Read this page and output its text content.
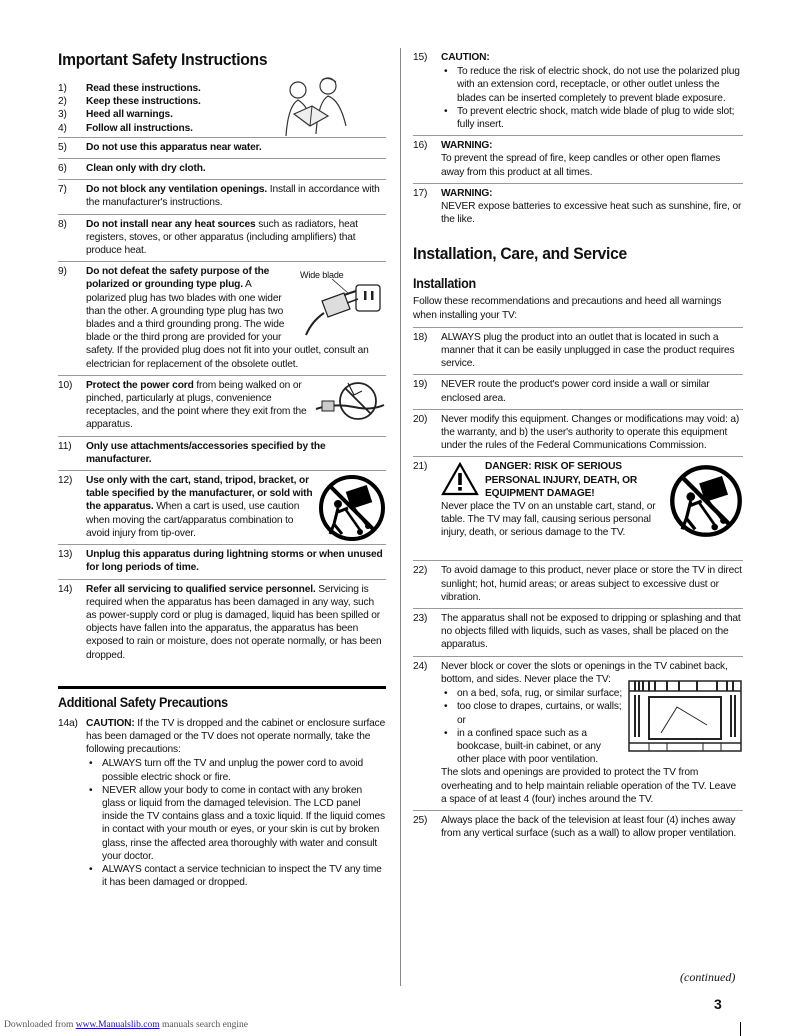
Important Safety Instructions
1) Read these instructions.
2) Keep these instructions.
3) Heed all warnings.
4) Follow all instructions.
5) Do not use this apparatus near water.
6) Clean only with dry cloth.
7) Do not block any ventilation openings. Install in accordance with the manufacturer's instructions.
8) Do not install near any heat sources such as radiators, heat registers, stoves, or other apparatus (including amplifiers) that produce heat.
9)	Wide blade
Do not defeat the safety purpose of the polarized or grounding type plug. A polarized plug has two blades with one wider than the other. A grounding type plug has two blades and a third grounding prong. The wide blade or the third prong are provided for your safety. If the provided plug does not fit into your outlet, consult an electrician for replacement of the obsolete outlet.
10) Protect the power cord from being walked on or pinched, particularly at plugs, convenience receptacles, and the point where they exit from the apparatus.
11) Only use attachments/accessories specified by the manufacturer.
12) Use only with the cart, stand, tripod, bracket, or table specified by the manufacturer, or sold with the apparatus. When a cart is used, use caution when moving the cart/apparatus combination to avoid injury from tip-over.
13) Unplug this apparatus during lightning storms or when unused for long periods of time.
14) Refer all servicing to qualified service personnel. Servicing is required when the apparatus has been damaged in any way, such as power-supply cord or plug is damaged, liquid has been spilled or objects have fallen into the apparatus, the apparatus has been exposed to rain or moisture, does not operate normally, or has been dropped.
Additional Safety Precautions
14a) CAUTION: If the TV is dropped and the cabinet or enclosure surface has been damaged or the TV does not operate normally, take the following precautions:
• ALWAYS turn off the TV and unplug the power cord to avoid possible electric shock or fire.
• NEVER allow your body to come in contact with any broken glass or liquid from the damaged television. The LCD panel inside the TV contains glass and a toxic liquid. If the liquid comes in contact with your mouth or eyes, or your skin is cut by broken glass, rinse the affected area thoroughly with water and consult your doctor.
• ALWAYS contact a service technician to inspect the TV any time it has been damaged or dropped.
15) CAUTION:
• To reduce the risk of electric shock, do not use the polarized plug with an extension cord, receptacle, or other outlet unless the blades can be inserted completely to prevent blade exposure.
• To prevent electric shock, match wide blade of plug to wide slot; fully insert.
16) WARNING:
To prevent the spread of fire, keep candles or other open flames away from this product at all times.
17) WARNING:
NEVER expose batteries to excessive heat such as sunshine, fire, or the like.
Installation, Care, and Service
Installation
Follow these recommendations and precautions and heed all warnings when installing your TV:
18) ALWAYS plug the product into an outlet that is located in such a manner that it can be easily unplugged in case the product requires service.
19) NEVER route the product's power cord inside a wall or similar enclosed area.
20) Never modify this equipment. Changes or modifications may void: a) the warranty, and b) the user's authority to operate this equipment under the rules of the Federal Communications Commission.
21)	DANGER: RISK OF SERIOUS PERSONAL INJURY, DEATH, OR EQUIPMENT DAMAGE!
Never place the TV on an unstable cart, stand, or table. The TV may fall, causing serious personal injury, death, or serious damage to the TV.
22) To avoid damage to this product, never place or store the TV in direct sunlight; hot, humid areas; or areas subject to excessive dust or vibration.
23) The apparatus shall not be exposed to dripping or splashing and that no objects filled with liquids, such as vases, shall be placed on the apparatus.
24) Never block or cover the slots or openings in the TV cabinet back, bottom, and sides. Never place the TV:
• on a bed, sofa, rug, or similar surface;
• too close to drapes, curtains, or walls; or
• in a confined space such as a bookcase, built-in cabinet, or any other place with poor ventilation.
The slots and openings are provided to protect the TV from overheating and to help maintain reliable operation of the TV. Leave a space of at least 4 (four) inches around the TV.
25) Always place the back of the television at least four (4) inches away from any vertical surface (such as a wall) to allow proper ventilation.
(continued)
3
Downloaded from www.Manualslib.com manuals search engine
